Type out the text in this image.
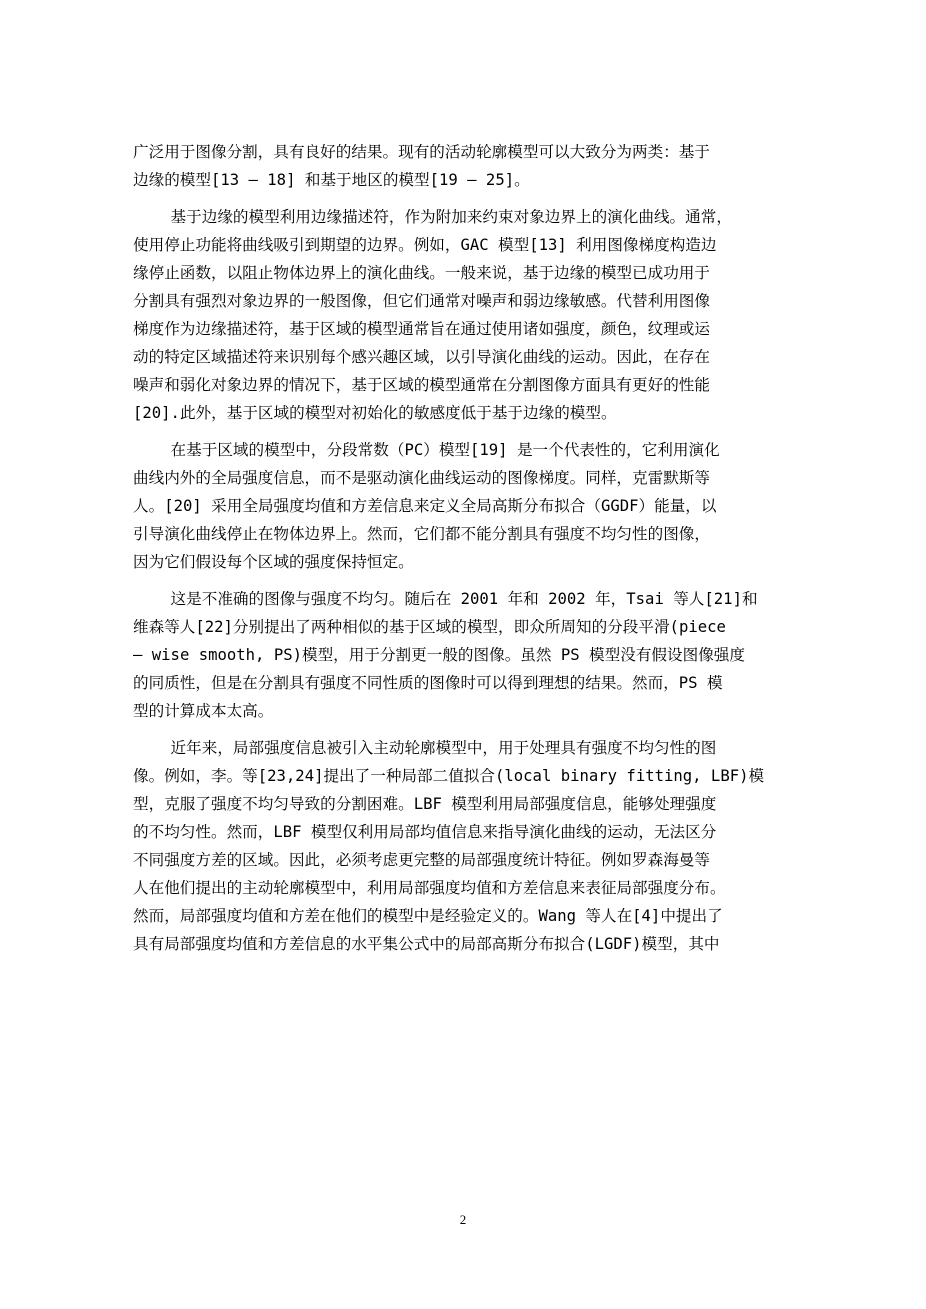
广泛用于图像分割，具有良好的结果。现有的活动轮廓模型可以大致分为两类：基于
边缘的模型[13 – 18] 和基于地区的模型[19 – 25]。
基于边缘的模型利用边缘描述符，作为附加来约束对象边界上的演化曲线。通常，
使用停止功能将曲线吸引到期望的边界。例如，GAC 模型[13] 利用图像梯度构造边
缘停止函数，以阻止物体边界上的演化曲线。一般来说，基于边缘的模型已成功用于
分割具有强烈对象边界的一般图像，但它们通常对噪声和弱边缘敏感。代替利用图像
梯度作为边缘描述符，基于区域的模型通常旨在通过使用诸如强度，颜色，纹理或运
动的特定区域描述符来识别每个感兴趣区域，以引导演化曲线的运动。因此，在存在
噪声和弱化对象边界的情况下，基于区域的模型通常在分割图像方面具有更好的性能
[20].此外，基于区域的模型对初始化的敏感度低于基于边缘的模型。
在基于区域的模型中，分段常数（PC）模型[19] 是一个代表性的，它利用演化
曲线内外的全局强度信息，而不是驱动演化曲线运动的图像梯度。同样，克雷默斯等
人。[20] 采用全局强度均值和方差信息来定义全局高斯分布拟合（GGDF）能量，以
引导演化曲线停止在物体边界上。然而，它们都不能分割具有强度不均匀性的图像，
因为它们假设每个区域的强度保持恒定。
这是不准确的图像与强度不均匀。随后在 2001 年和 2002 年，Tsai 等人[21]和
维森等人[22]分别提出了两种相似的基于区域的模型，即众所周知的分段平滑(piece
– wise smooth, PS)模型，用于分割更一般的图像。虽然 PS 模型没有假设图像强度
的同质性，但是在分割具有强度不同性质的图像时可以得到理想的结果。然而，PS 模
型的计算成本太高。
近年来，局部强度信息被引入主动轮廓模型中，用于处理具有强度不均匀性的图
像。例如，李。等[23,24]提出了一种局部二值拟合(local binary fitting, LBF)模
型，克服了强度不均匀导致的分割困难。LBF 模型利用局部强度信息，能够处理强度
的不均匀性。然而，LBF 模型仅利用局部均值信息来指导演化曲线的运动，无法区分
不同强度方差的区域。因此，必须考虑更完整的局部强度统计特征。例如罗森海曼等
人在他们提出的主动轮廓模型中，利用局部强度均值和方差信息来表征局部强度分布。
然而，局部强度均值和方差在他们的模型中是经验定义的。Wang 等人在[4]中提出了
具有局部强度均值和方差信息的水平集公式中的局部高斯分布拟合(LGDF)模型，其中
2
